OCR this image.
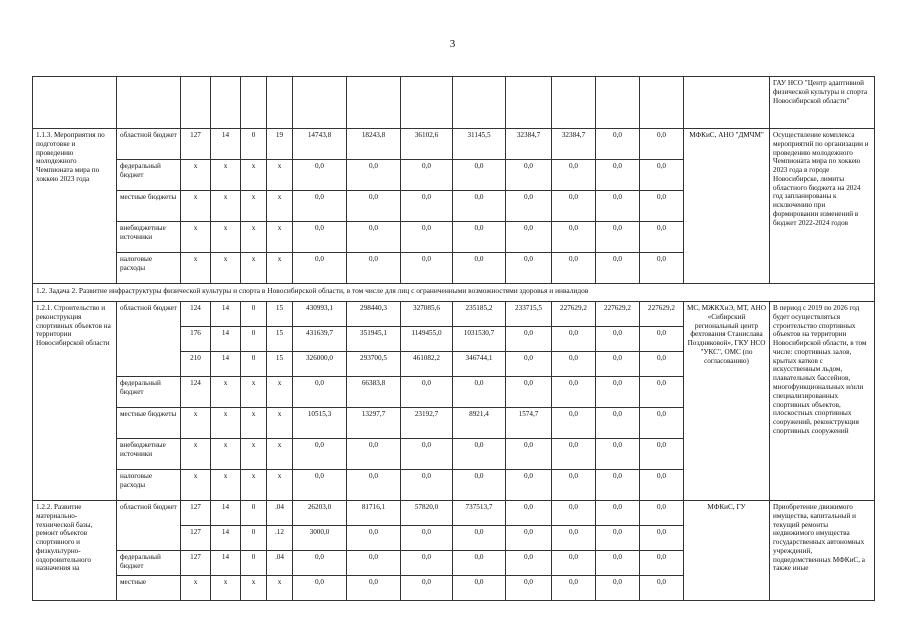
3
															ГАУ НСО "Центр адаптивной физической культуры и спорта Новосибирской области"
1.1.3. Мероприятия по подготовке и проведению молодежного Чемпионата мира по хоккею 2023 года	областной бюджет	127	14	0	19	14743,8	18243,8	36102,6	31145,5	32384,7	32384,7	0,0	0,0	МФКиС, АНО "ДМЧМ"	Осуществление комплекса мероприятий по организации и проведению молодежного Чемпионата мира по хоккею 2023 года в городе Новосибирске, лимиты областного бюджета на 2024 год запланированы к исключению при формировании изменений в бюджет 2022-2024 годов
	федеральный бюджет	x	x	x	x	0,0	0,0	0,0	0,0	0,0	0,0	0,0	0,0		
	местные бюджеты	x	x	x	x	0,0	0,0	0,0	0,0	0,0	0,0	0,0	0,0		
	внебюджетные источники	x	x	x	x	0,0	0,0	0,0	0,0	0,0	0,0	0,0	0,0		
	налоговые расходы	x	x	x	x	0,0	0,0	0,0	0,0	0,0	0,0	0,0	0,0		
1.2. Задача 2. Развитие инфраструктуры физической культуры и спорта в Новосибирской области, в том числе для лиц с ограниченными возможностями здоровья и инвалидов															
1.2.1. Строительство и реконструкция спортивных объектов на территории Новосибирской области	областной бюджет	124	14	0	15	430993,1	298440,3	327085,6	235185,2	233715,5	227629,2	227629,2	227629,2	МС, МЖКХиЭ, МТ, АНО «Сибирский региональный центр фехтования Станислава Поздняковой», ГКУ НСО "УКС", ОМС (по согласованию)	В период с 2019 по 2026 год будет осуществляться строительство спортивных объектов на территории Новосибирской области, в том числе: спортивных залов, крытых катков с искусственным льдом, плавательных бассейнов, многофункциональных и/или специализированных спортивных объектов, плоскостных спортивных сооружений, реконструкция спортивных сооружений
		176	14	0	15	431639,7	351945,1	1149455,0	1031530,7	0,0	0,0	0,0	0,0		
		210	14	0	15	326000,0	293700,5	461082,2	346744,1	0,0	0,0	0,0	0,0		
	федеральный бюджет	124	x	x	x	0,0	66383,8	0,0	0,0	0,0	0,0	0,0	0,0		
	местные бюджеты	x	x	x	x	10515,3	13297,7	23192,7	8921,4	1574,7	0,0	0,0	0,0		
	внебюджетные источники	x	x	x	x	0,0	0,0	0,0	0,0	0,0	0,0	0,0	0,0		
	налоговые расходы	x	x	x	x	0,0	0,0	0,0	0,0	0,0	0,0	0,0	0,0		
1.2.2. Развитие материально-технической базы, ремонт объектов спортивного и физкультурно-оздоровительного назначения на	областной бюджет	127	14	0	.04	26203,0	81716,1	57820,0	737513,7	0,0	0,0	0,0	0,0	МФКиС, ГУ	Приобретение движимого имущества, капитальный и текущий ремонты недвижимого имущества государственных автономных учреждений, подведомственных МФКиС, а также иные
		127	14	0	.12	3000,0	0,0	0,0	0,0	0,0	0,0	0,0	0,0		
	федеральный бюджет	127	14	0	.04	0,0	0,0	0,0	0,0	0,0	0,0	0,0	0,0		
	местные	x	x	x	x	0,0	0,0	0,0	0,0	0,0	0,0	0,0	0,0		
